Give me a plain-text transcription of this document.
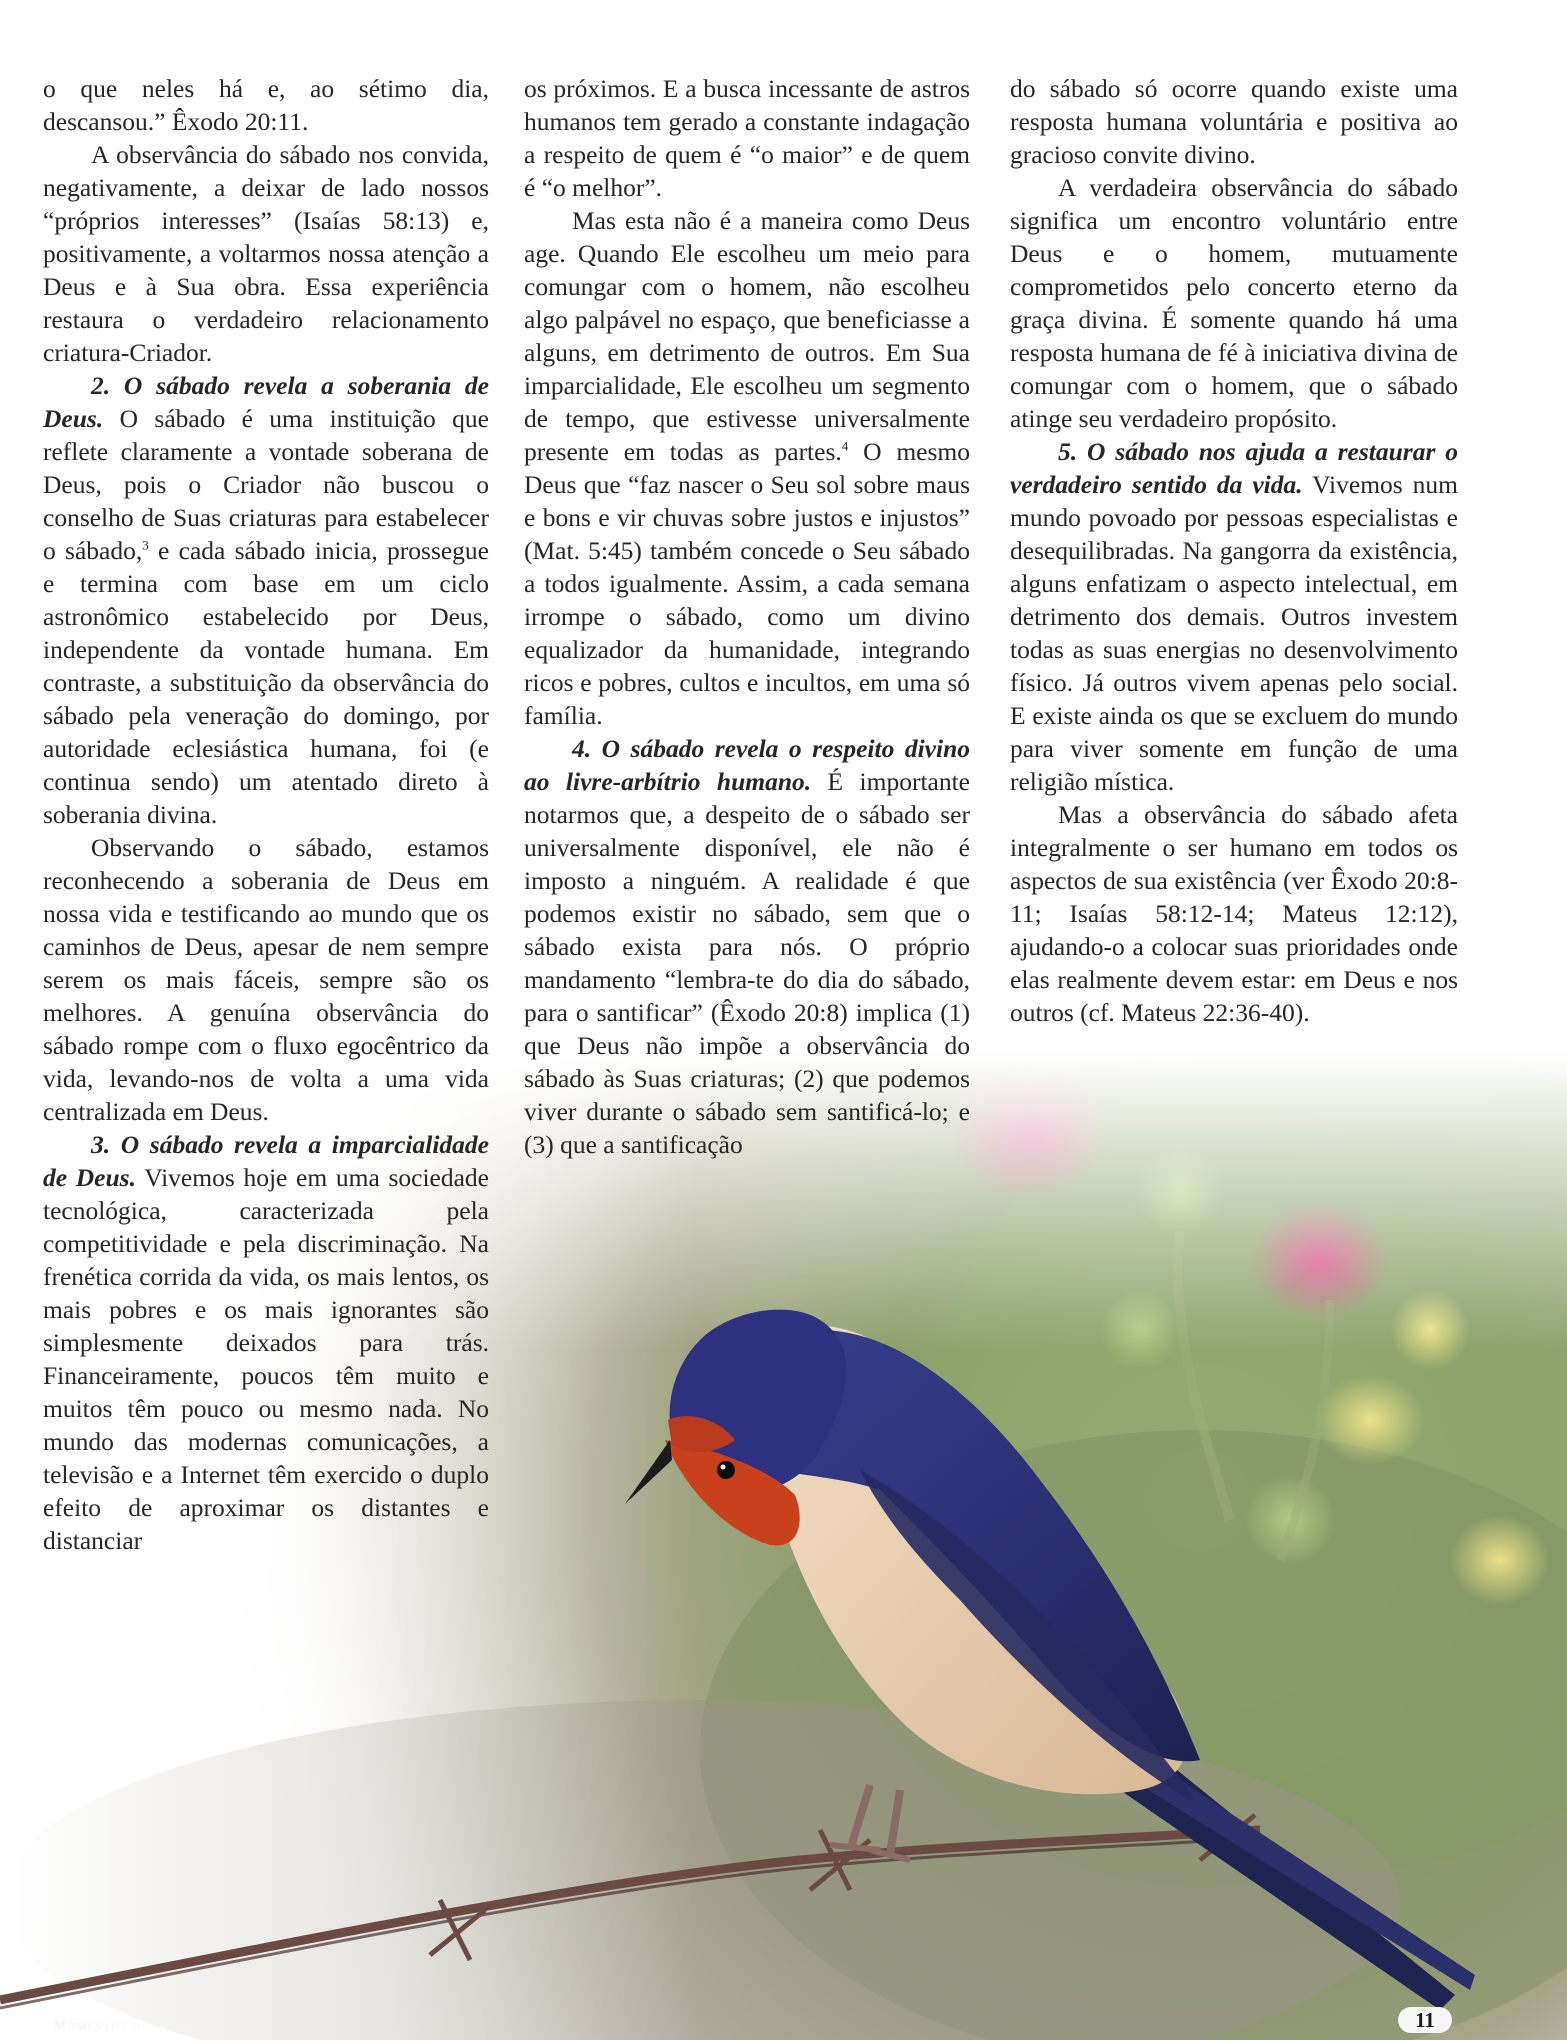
o que neles há e, ao sétimo dia, descansou.” Êxodo 20:11.

A observância do sábado nos convida, negativamente, a deixar de lado nossos “próprios interesses” (Isaías 58:13) e, positivamente, a voltarmos nossa atenção a Deus e à Sua obra. Essa experiência restaura o verdadeiro relacionamento criatura-Criador.

2. O sábado revela a soberania de Deus. O sábado é uma instituição que reflete claramente a vontade soberana de Deus, pois o Criador não buscou o conselho de Suas criaturas para estabelecer o sábado,$^3$ e cada sábado inicia, prossegue e termina com base em um ciclo astronômico estabelecido por Deus, independente da vontade humana. Em contraste, a substituição da observância do sábado pela veneração do domingo, por autoridade eclesiástica humana, foi (e continua sendo) um atentado direto à soberania divina.

Observando o sábado, estamos reconhecendo a soberania de Deus em nossa vida e testificando ao mundo que os caminhos de Deus, apesar de nem sempre serem os mais fáceis, sempre são os melhores. A genuína observância do sábado rompe com o fluxo egocêntrico da vida, levando-nos de volta a uma vida centralizada em Deus.

3. O sábado revela a imparcialidade de Deus. Vivemos hoje em uma sociedade tecnológica, caracterizada pela competitividade e pela discriminação. Na frenética corrida da vida, os mais lentos, os mais pobres e os mais ignorantes são simplesmente deixados para trás. Financeiramente, poucos têm muito e muitos têm pouco ou mesmo nada. No mundo das modernas comunicações, a televisão e a Internet têm exercido o duplo efeito de aproximar os distantes e distanciar

os próximos. E a busca incessante de astros humanos tem gerado a constante indagação a respeito de quem é “o maior” e de quem é “o melhor”.

Mas esta não é a maneira como Deus age. Quando Ele escolheu um meio para comungar com o homem, não escolheu algo palpável no espaço, que beneficiasse a alguns, em detrimento de outros. Em Sua imparcialidade, Ele escolheu um segmento de tempo, que estivesse universalmente presente em todas as partes.$^4$ O mesmo Deus que “faz nascer o Seu sol sobre maus e bons e vir chuvas sobre justos e injustos” (Mat. 5:45) também concede o Seu sábado a todos igualmente. Assim, a cada semana irrompe o sábado, como um divino equalizador da humanidade, integrando ricos e pobres, cultos e incultos, em uma só família.

4. O sábado revela o respeito divino ao livre-arbítrio humano. É importante notarmos que, a despeito de o sábado ser universalmente disponível, ele não é imposto a ninguém. A realidade é que podemos existir no sábado, sem que o sábado exista para nós. O próprio mandamento “lembra-te do dia do sábado, para o santificar” (Êxodo 20:8) implica (1) que Deus não impõe a observância do sábado às Suas criaturas; (2) que podemos viver durante o sábado sem santificá-lo; e (3) que a santificação

do sábado só ocorre quando existe uma resposta humana voluntária e positiva ao gracioso convite divino.

A verdadeira observância do sábado significa um encontro voluntário entre Deus e o homem, mutuamente comprometidos pelo concerto eterno da graça divina. É somente quando há uma resposta humana de fé à iniciativa divina de comungar com o homem, que o sábado atinge seu verdadeiro propósito.

5. O sábado nos ajuda a restaurar o verdadeiro sentido da vida. Vivemos num mundo povoado por pessoas especialistas e desequilibradas. Na gangorra da existência, alguns enfatizam o aspecto intelectual, em detrimento dos demais. Outros investem todas as suas energias no desenvolvimento físico. Já outros vivem apenas pelo social. E existe ainda os que se excluem do mundo para viver somente em função de uma religião mística.

Mas a observância do sábado afeta integralmente o ser humano em todos os aspectos de sua existência (ver Êxodo 20:8-11; Isaías 58:12-14; Mateus 12:12), ajudando-o a colocar suas prioridades onde elas realmente devem estar: em Deus e nos outros (cf. Mateus 22:36-40).

Momentos de Alegria	11
